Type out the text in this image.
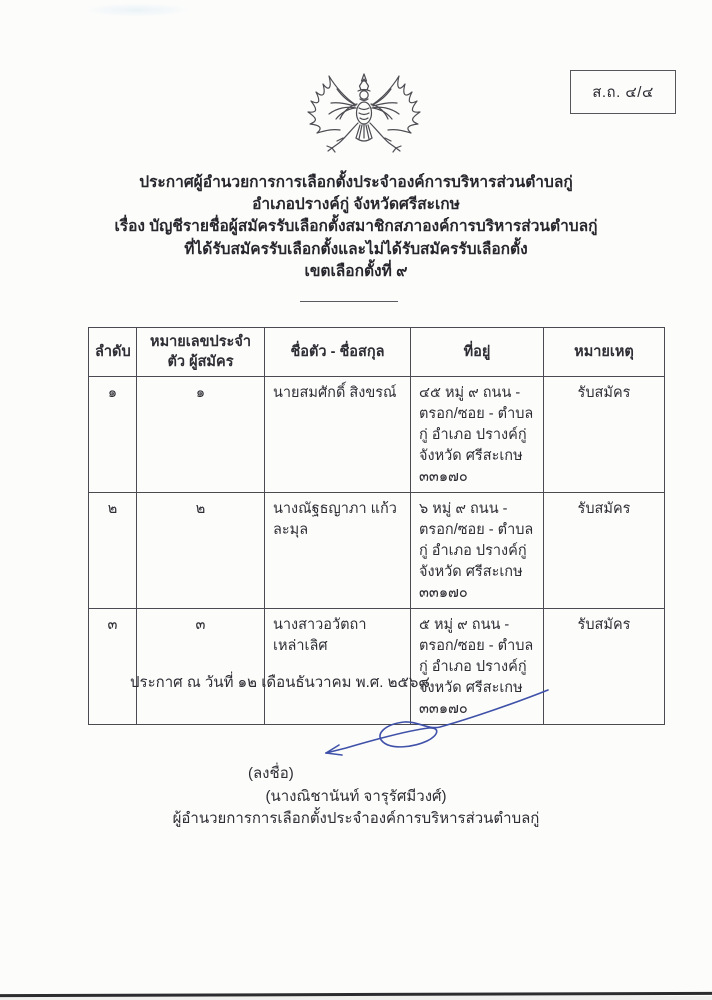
ส.ถ. ๔/๔
ประกาศผู้อำนวยการการเลือกตั้งประจำองค์การบริหารส่วนตำบลกู่
อำเภอปรางค์กู่ จังหวัดศรีสะเกษ
เรื่อง บัญชีรายชื่อผู้สมัครรับเลือกตั้งสมาชิกสภาองค์การบริหารส่วนตำบลกู่
ที่ได้รับสมัครรับเลือกตั้งและไม่ได้รับสมัครรับเลือกตั้ง
เขตเลือกตั้งที่ ๙
ลำดับ	หมายเลขประจำตัว ผู้สมัคร	ชื่อตัว - ชื่อสกุล	ที่อยู่	หมายเหตุ
๑	๑	นายสมศักดิ์ สิงขรณ์	๔๕ หมู่ ๙ ถนน - ตรอก/ซอย - ตำบล กู่ อำเภอ ปรางค์กู่ จังหวัด ศรีสะเกษ ๓๓๑๗๐	รับสมัคร
๒	๒	นางณัฐธญาภา แก้วละมุล	๖ หมู่ ๙ ถนน - ตรอก/ซอย - ตำบล กู่ อำเภอ ปรางค์กู่ จังหวัด ศรีสะเกษ ๓๓๑๗๐	รับสมัคร
๓	๓	นางสาวอวัตถา เหล่าเลิศ	๕ หมู่ ๙ ถนน - ตรอก/ซอย - ตำบล กู่ อำเภอ ปรางค์กู่ จังหวัด ศรีสะเกษ ๓๓๑๗๐	รับสมัคร
ประกาศ ณ วันที่ ๑๒ เดือนธันวาคม พ.ศ. ๒๕๖๘
(ลงชื่อ)
(นางณิชานันท์ จารุรัศมีวงศ์)
ผู้อำนวยการการเลือกตั้งประจำองค์การบริหารส่วนตำบลกู่
